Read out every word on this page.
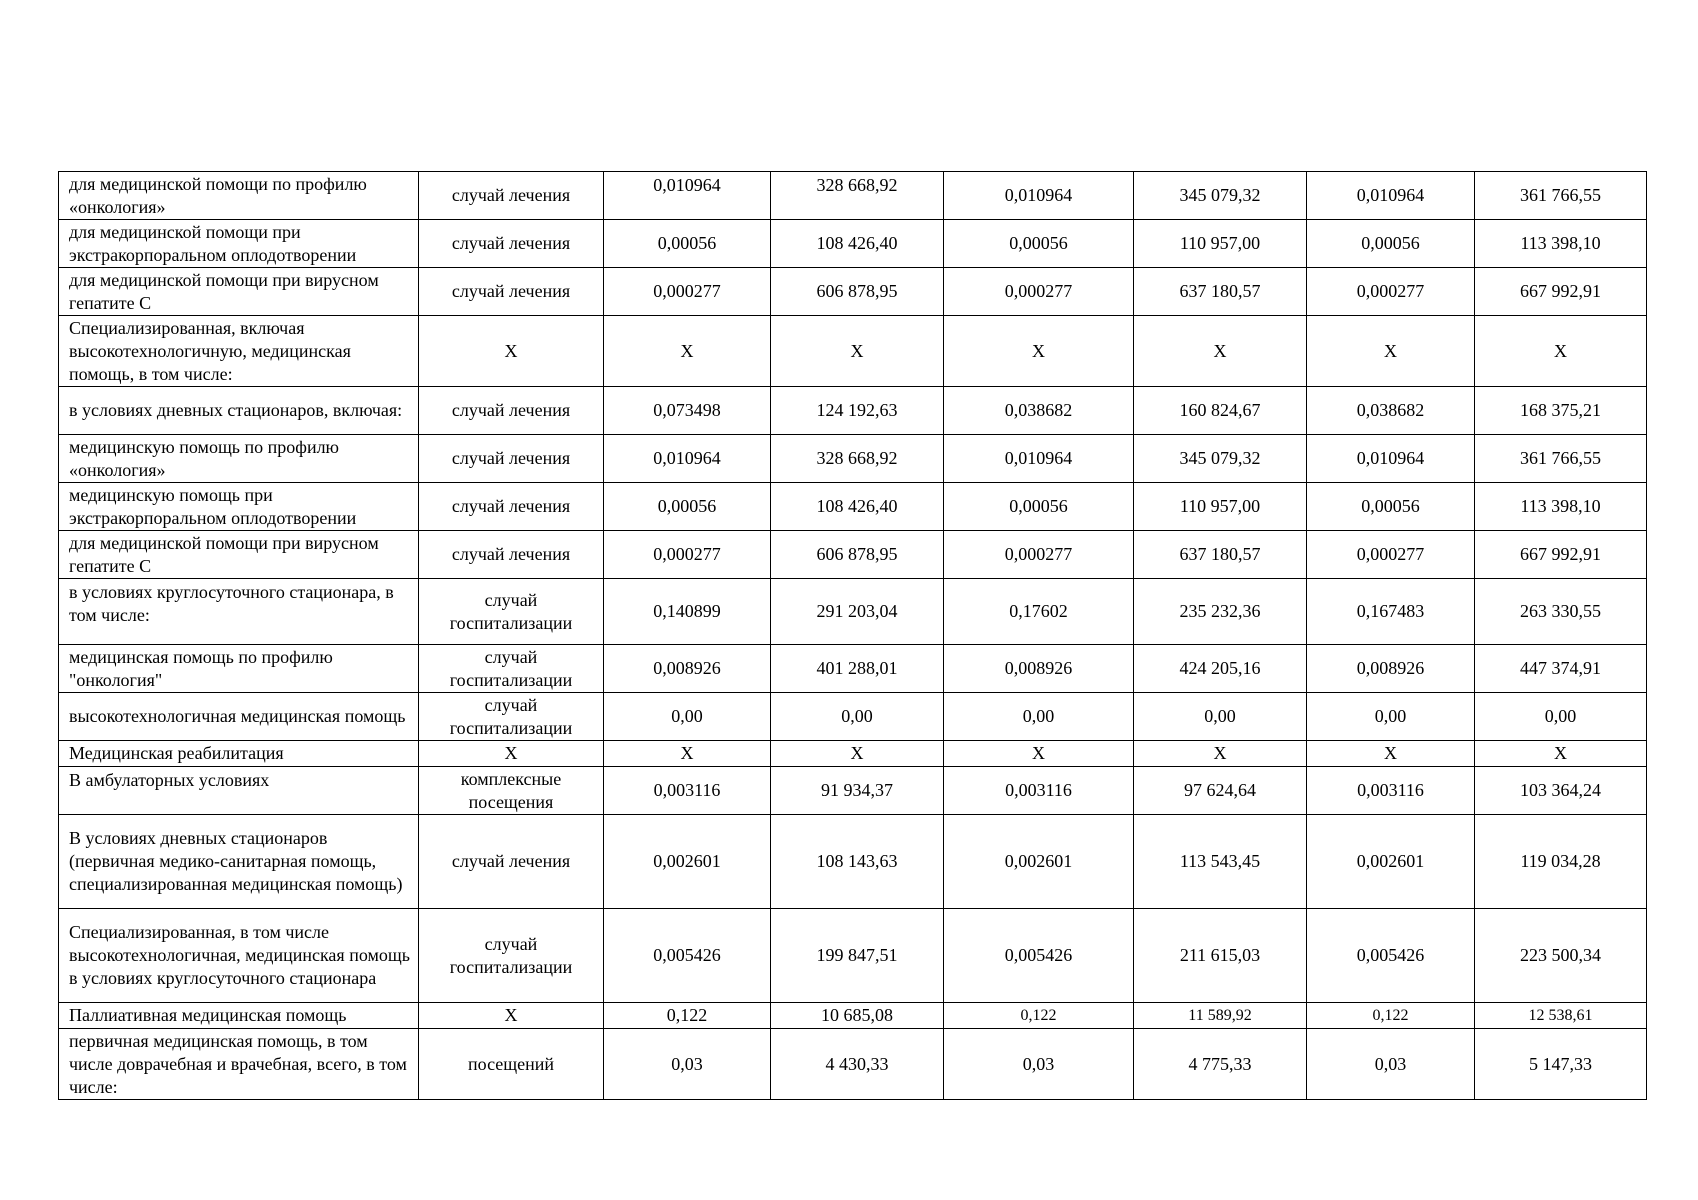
для медицинской помощи по профилю «онкология»	случай лечения	0,010964	328 668,92	0,010964	345 079,32	0,010964	361 766,55
для медицинской помощи при экстракорпоральном оплодотворении	случай лечения	0,00056	108 426,40	0,00056	110 957,00	0,00056	113 398,10
для медицинской помощи при вирусном гепатите С	случай лечения	0,000277	606 878,95	0,000277	637 180,57	0,000277	667 992,91
Специализированная, включая высокотехнологичную, медицинская помощь, в том числе:	Х	Х	Х	Х	Х	Х	Х
в условиях дневных стационаров, включая:	случай лечения	0,073498	124 192,63	0,038682	160 824,67	0,038682	168 375,21
медицинскую помощь по профилю «онкология»	случай лечения	0,010964	328 668,92	0,010964	345 079,32	0,010964	361 766,55
медицинскую помощь при экстракорпоральном оплодотворении	случай лечения	0,00056	108 426,40	0,00056	110 957,00	0,00056	113 398,10
для медицинской помощи при вирусном гепатите С	случай лечения	0,000277	606 878,95	0,000277	637 180,57	0,000277	667 992,91
в условиях круглосуточного стационара, в том числе:	случай госпитализации	0,140899	291 203,04	0,17602	235 232,36	0,167483	263 330,55
медицинская помощь по профилю "онкология"	случай госпитализации	0,008926	401 288,01	0,008926	424 205,16	0,008926	447 374,91
высокотехнологичная медицинская помощь	случай госпитализации	0,00	0,00	0,00	0,00	0,00	0,00
Медицинская реабилитация	Х	Х	Х	Х	Х	Х	Х
В амбулаторных условиях	комплексные посещения	0,003116	91 934,37	0,003116	97 624,64	0,003116	103 364,24
В условиях дневных стационаров (первичная медико-санитарная помощь, специализированная медицинская помощь)	случай лечения	0,002601	108 143,63	0,002601	113 543,45	0,002601	119 034,28
Специализированная, в том числе высокотехнологичная, медицинская помощь в условиях круглосуточного стационара	случай госпитализации	0,005426	199 847,51	0,005426	211 615,03	0,005426	223 500,34
Паллиативная медицинская помощь	Х	0,122	10 685,08	0,122	11 589,92	0,122	12 538,61
первичная медицинская помощь, в том числе доврачебная и врачебная, всего, в том числе:	посещений	0,03	4 430,33	0,03	4 775,33	0,03	5 147,33
